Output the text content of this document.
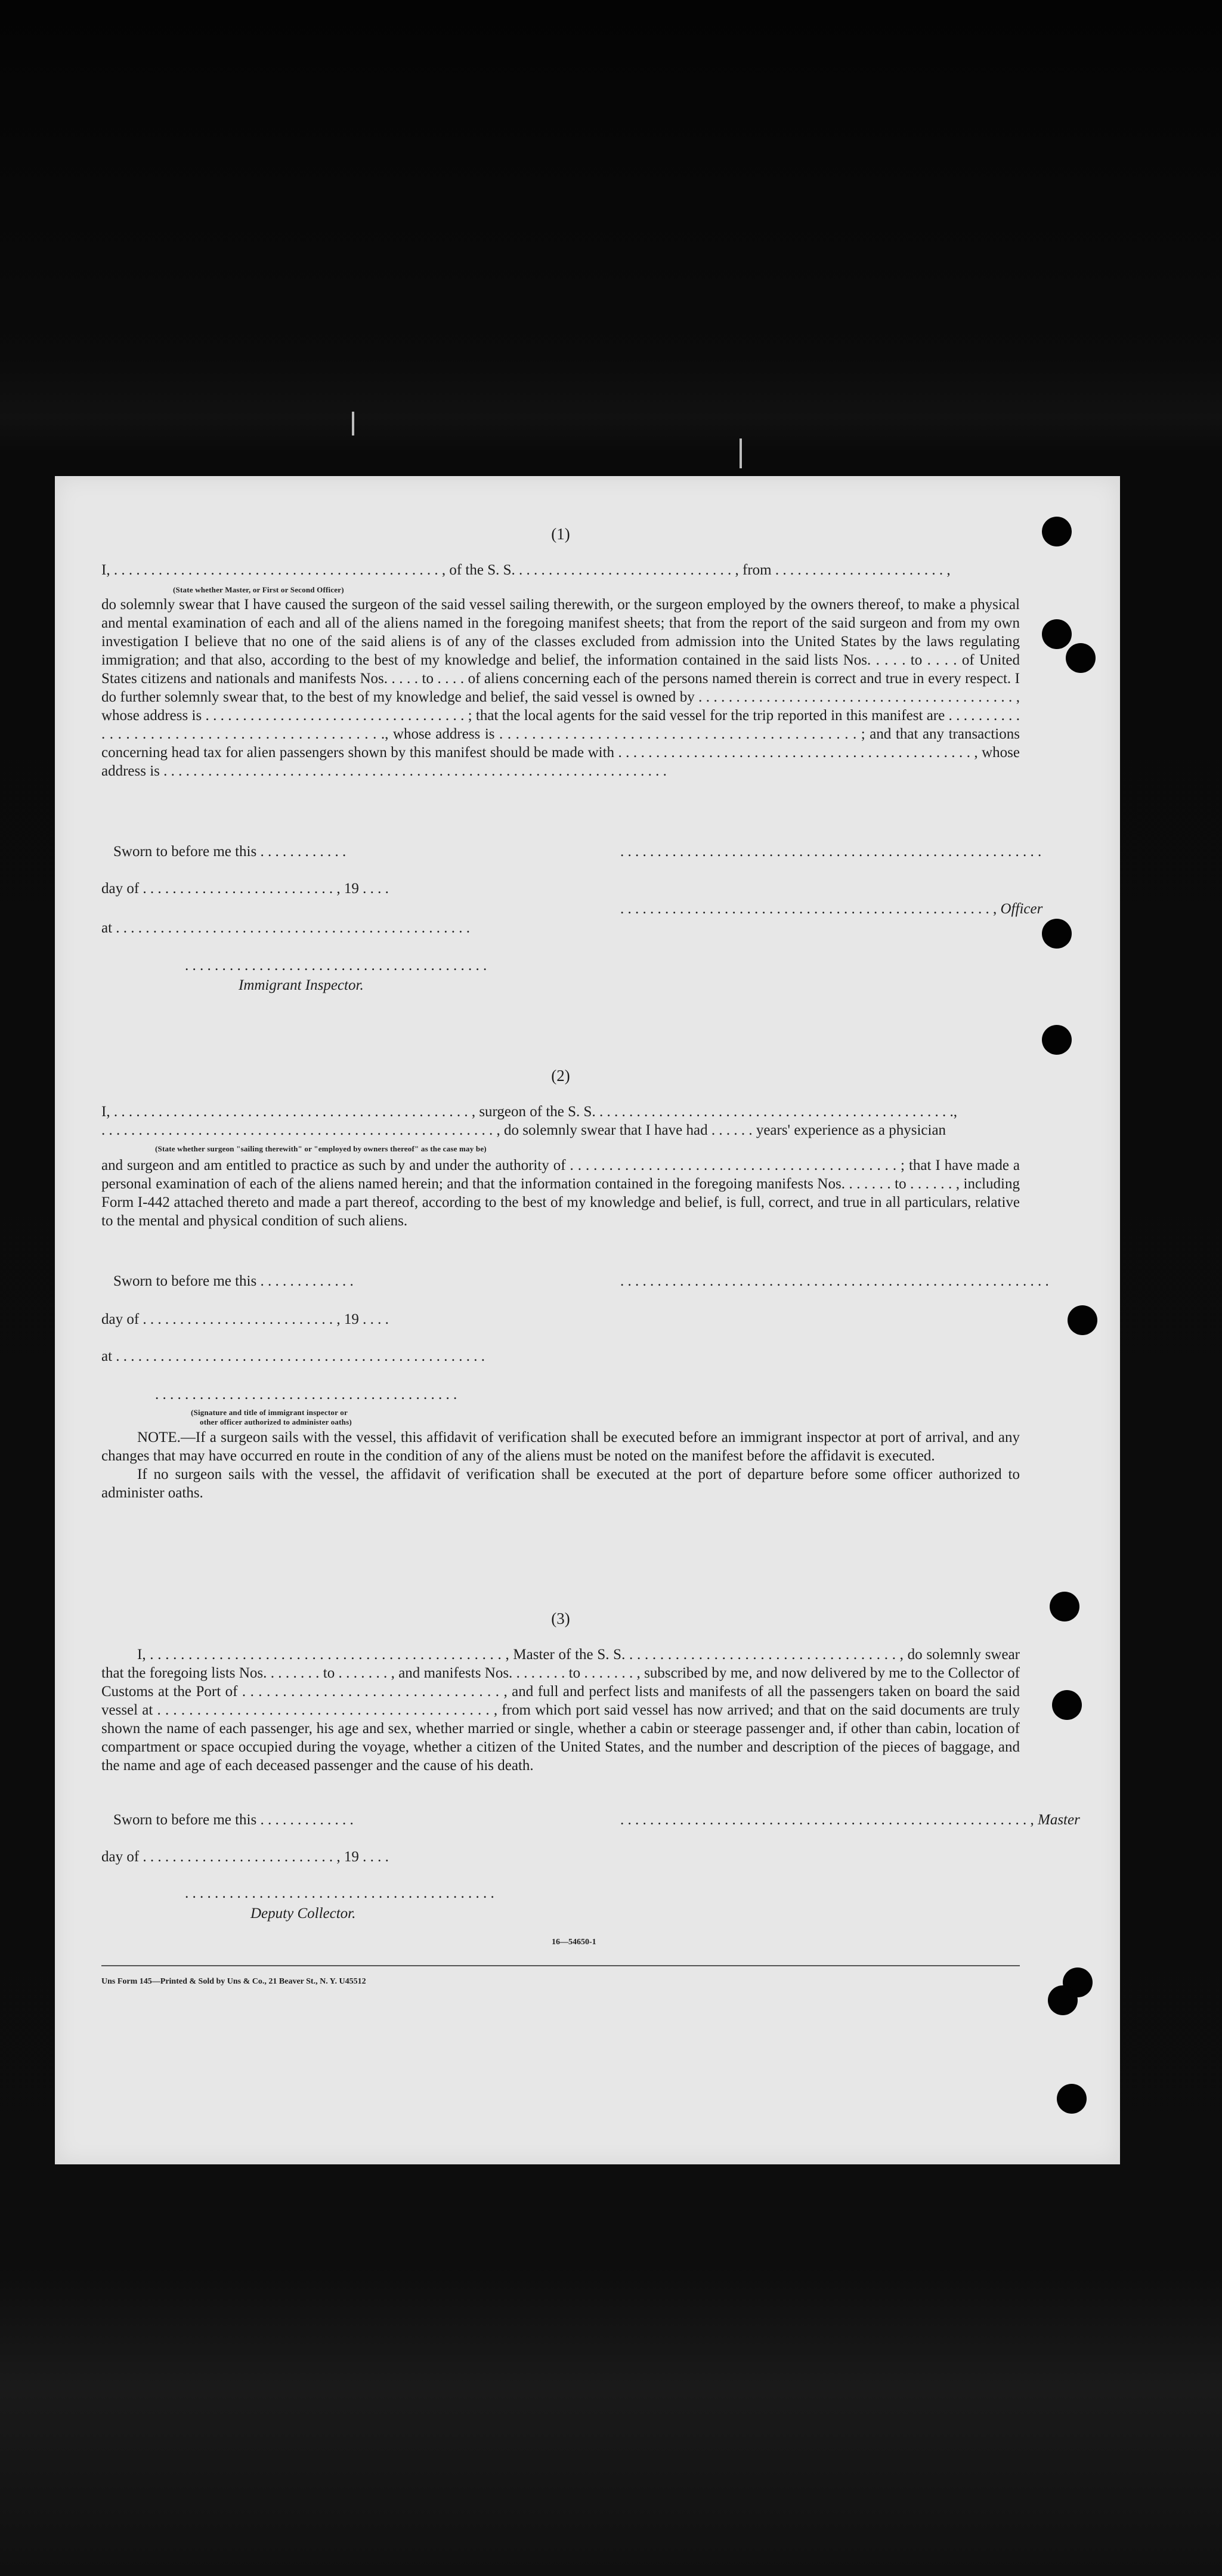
(1)
I, . . . . . . . . . . . . . . . . . . . . . . . . . . . . . . . . . . . . . . . . . . . . , of the S. S. . . . . . . . . . . . . . . . . . . . . . . . . . . . . . , from . . . . . . . . . . . . . . . . . . . . . . . ,
(State whether Master, or First or Second Officer)
do solemnly swear that I have caused the surgeon of the said vessel sailing therewith, or the surgeon employed by the owners thereof, to make a physical and mental examination of each and all of the aliens named in the foregoing manifest sheets; that from the report of the said surgeon and from my own investigation I believe that no one of the said aliens is of any of the classes excluded from admission into the United States by the laws regulating immigration; and that also, according to the best of my knowledge and belief, the information contained in the said lists Nos. . . . . to . . . . of United States citizens and nationals and manifests Nos. . . . . to . . . . of aliens concerning each of the persons named therein is correct and true in every respect. I do further solemnly swear that, to the best of my knowledge and belief, the said vessel is owned by . . . . . . . . . . . . . . . . . . . . . . . . . . . . . . . . . . . . . . . . . . , whose address is . . . . . . . . . . . . . . . . . . . . . . . . . . . . . . . . . . . ; that the local agents for the said vessel for the trip reported in this manifest are . . . . . . . . . . . . . . . . . . . . . . . . . . . . . . . . . . . . . . . . . . . . ., whose address is . . . . . . . . . . . . . . . . . . . . . . . . . . . . . . . . . . . . . . . . . . . . ; and that any transactions concerning head tax for alien passengers shown by this manifest should be made with . . . . . . . . . . . . . . . . . . . . . . . . . . . . . . . . . . . . . . . . . . . . . . . , whose address is . . . . . . . . . . . . . . . . . . . . . . . . . . . . . . . . . . . . . . . . . . . . . . . . . . . . . . . . . . . . . . . . . . . .
Sworn to before me this . . . . . . . . . . . .	. . . . . . . . . . . . . . . . . . . . . . . . . . . . . . . . . . . . . . . . . . . . . . . . . . . . . . . . .
day of . . . . . . . . . . . . . . . . . . . . . . . . . . , 19 . . . .
. . . . . . . . . . . . . . . . . . . . . . . . . . . . . . . . . . . . . . . . . . . . . . . . . . , Officer
at . . . . . . . . . . . . . . . . . . . . . . . . . . . . . . . . . . . . . . . . . . . . . . . .
. . . . . . . . . . . . . . . . . . . . . . . . . . . . . . . . . . . . . . . . .
Immigrant Inspector.
(2)
I, . . . . . . . . . . . . . . . . . . . . . . . . . . . . . . . . . . . . . . . . . . . . . . . . , surgeon of the S. S. . . . . . . . . . . . . . . . . . . . . . . . . . . . . . . . . . . . . . . . . . . . . . . . .,
. . . . . . . . . . . . . . . . . . . . . . . . . . . . . . . . . . . . . . . . . . . . . . . . . . . . . , do solemnly swear that I have had . . . . . . years' experience as a physician
(State whether surgeon "sailing therewith" or "employed by owners thereof" as the case may be)
and surgeon and am entitled to practice as such by and under the authority of . . . . . . . . . . . . . . . . . . . . . . . . . . . . . . . . . . . . . . . . . . ; that I have made a personal examination of each of the aliens named herein; and that the information contained in the foregoing manifests Nos. . . . . . . to . . . . . . , including Form I-442 attached thereto and made a part thereof, according to the best of my knowledge and belief, is full, correct, and true in all particulars, relative to the mental and physical condition of such aliens.
Sworn to before me this . . . . . . . . . . . . .	. . . . . . . . . . . . . . . . . . . . . . . . . . . . . . . . . . . . . . . . . . . . . . . . . . . . . . . . . .
day of . . . . . . . . . . . . . . . . . . . . . . . . . . , 19 . . . .
at . . . . . . . . . . . . . . . . . . . . . . . . . . . . . . . . . . . . . . . . . . . . . . . . . .
. . . . . . . . . . . . . . . . . . . . . . . . . . . . . . . . . . . . . . . . .
(Signature and title of immigrant inspector or
other officer authorized to administer oaths)

NOTE.—If a surgeon sails with the vessel, this affidavit of verification shall be executed before an immigrant inspector at port of arrival, and any changes that may have occurred en route in the condition of any of the aliens must be noted on the manifest before the affidavit is executed.

If no surgeon sails with the vessel, the affidavit of verification shall be executed at the port of departure before some officer authorized to administer oaths.

(3)

I, . . . . . . . . . . . . . . . . . . . . . . . . . . . . . . . . . . . . . . . . . . . . . . , Master of the S. S. . . . . . . . . . . . . . . . . . . . . . . . . . . . . . . . . . . . , do solemnly swear that the foregoing lists Nos. . . . . . . . to . . . . . . . , and manifests Nos. . . . . . . . to . . . . . . . , subscribed by me, and now delivered by me to the Collector of Customs at the Port of . . . . . . . . . . . . . . . . . . . . . . . . . . . . . . . . , and full and perfect lists and manifests of all the passengers taken on board the said vessel at . . . . . . . . . . . . . . . . . . . . . . . . . . . . . . . . . . . . . . . . . . , from which port said vessel has now arrived; and that on the said documents are truly shown the name of each passenger, his age and sex, whether married or single, whether a cabin or steerage passenger and, if other than cabin, location of compartment or space occupied during the voyage, whether a citizen of the United States, and the number and description of the pieces of baggage, and the name and age of each deceased passenger and the cause of his death.

Sworn to before me this . . . . . . . . . . . . .	. . . . . . . . . . . . . . . . . . . . . . . . . . . . . . . . . . . . . . . . . . . . . . . . . . . . . . . , Master
day of . . . . . . . . . . . . . . . . . . . . . . . . . . , 19 . . . .
. . . . . . . . . . . . . . . . . . . . . . . . . . . . . . . . . . . . . . . . . .
Deputy Collector.
16—54650-1
Uns Form 145—Printed & Sold by Uns & Co., 21 Beaver St., N. Y. U45512
